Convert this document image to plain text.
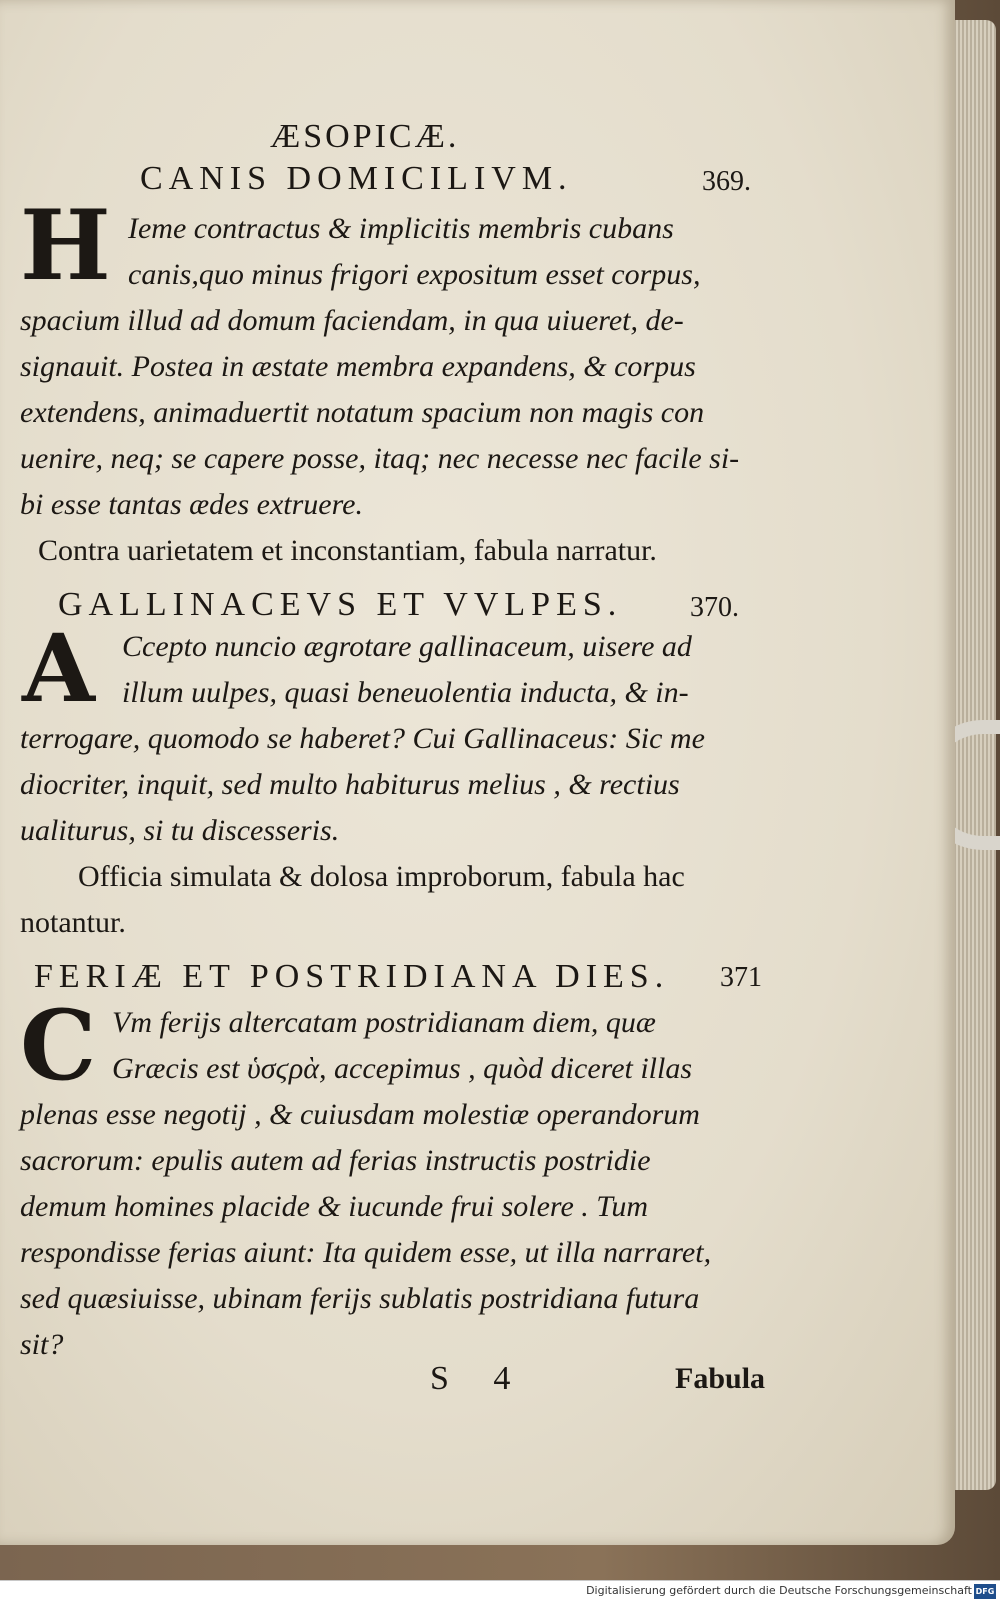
ÆSOPICÆ.
CANIS DOMICILIVM.	369.
H Ieme contractus & implicitis membris cubans
canis,quo minus frigori expositum esset corpus,
spacium illud ad domum faciendam, in qua uiueret, de-
signauit. Postea in æstate membra expandens, & corpus
extendens, animaduertit notatum spacium non magis con
uenire, neq; se capere posse, itaq; nec necesse nec facile si-
bi esse tantas ædes extruere.
Contra uarietatem et inconstantiam, fabula narratur.
GALLINACEVS ET VVLPES. 370.
A Ccepto nuncio ægrotare gallinaceum, uisere ad
illum uulpes, quasi beneuolentia inducta, & in-
terrogare, quomodo se haberet? Cui Gallinaceus: Sic me
diocriter, inquit, sed multo habiturus melius , & rectius
ualiturus, si tu discesseris.
Officia simulata & dolosa improborum, fabula hac
notantur.
FERIÆ ET POSTRIDIANA DIES. 371
C Vm ferijs altercatam postridianam diem, quæ
Græcis est ὑσϛρὰ, accepimus , quòd diceret illas
plenas esse negotij , & cuiusdam molestiæ operandorum
sacrorum: epulis autem ad ferias instructis postridie
demum homines placide & iucunde frui solere . Tum
respondisse ferias aiunt: Ita quidem esse, ut illa narraret,
sed quæsiuisse, ubinam ferijs sublatis postridiana futura
sit?
S 4	Fabula
Digitalisierung gefördert durch die Deutsche Forschungsgemeinschaft DFG
